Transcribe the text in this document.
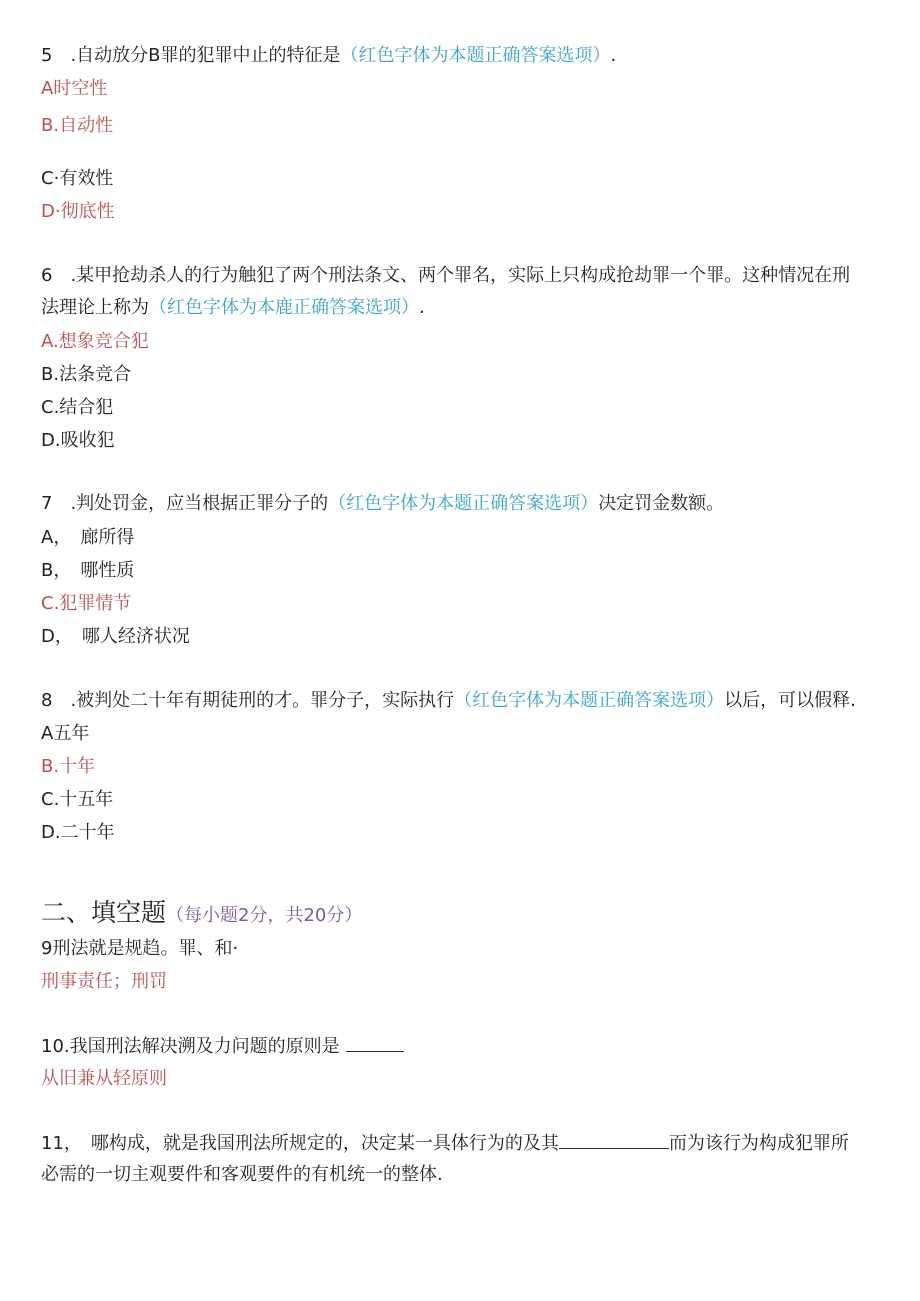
5　.自动放分B罪的犯罪中止的特征是（红色字体为本题正确答案选项）.
A时空性
B.自动性
C·有效性
D·彻底性
6　.某甲抢劫杀人的行为触犯了两个刑法条文、两个罪名，实际上只构成抢劫罪一个罪。这种情况在刑
法理论上称为（红色字体为本鹿正确答案选项）.
A.想象竞合犯
B.法条竞合
C.结合犯
D.吸收犯
7　.判处罚金，应当根据正罪分子的（红色字体为本题正确答案选项）决定罚金数额。
A，　廊所得
B，　哪性质
C.犯罪情节
D，　哪人经济状况
8　.被判处二十年有期徒刑的才。罪分子，实际执行（红色字体为本题正确答案选项）以后，可以假释.
A五年
B.十年
C.十五年
D.二十年
二、填空题（每小题2分，共20分）
9刑法就是规趋。罪、和·
刑事责任；刑罚
10.我国刑法解决溯及力问题的原则是
从旧兼从轻原则
11，　哪构成，就是我国刑法所规定的，决定某一具体行为的及其	而为该行为构成犯罪所
必需的一切主观要件和客观要件的有机统一的整体.
